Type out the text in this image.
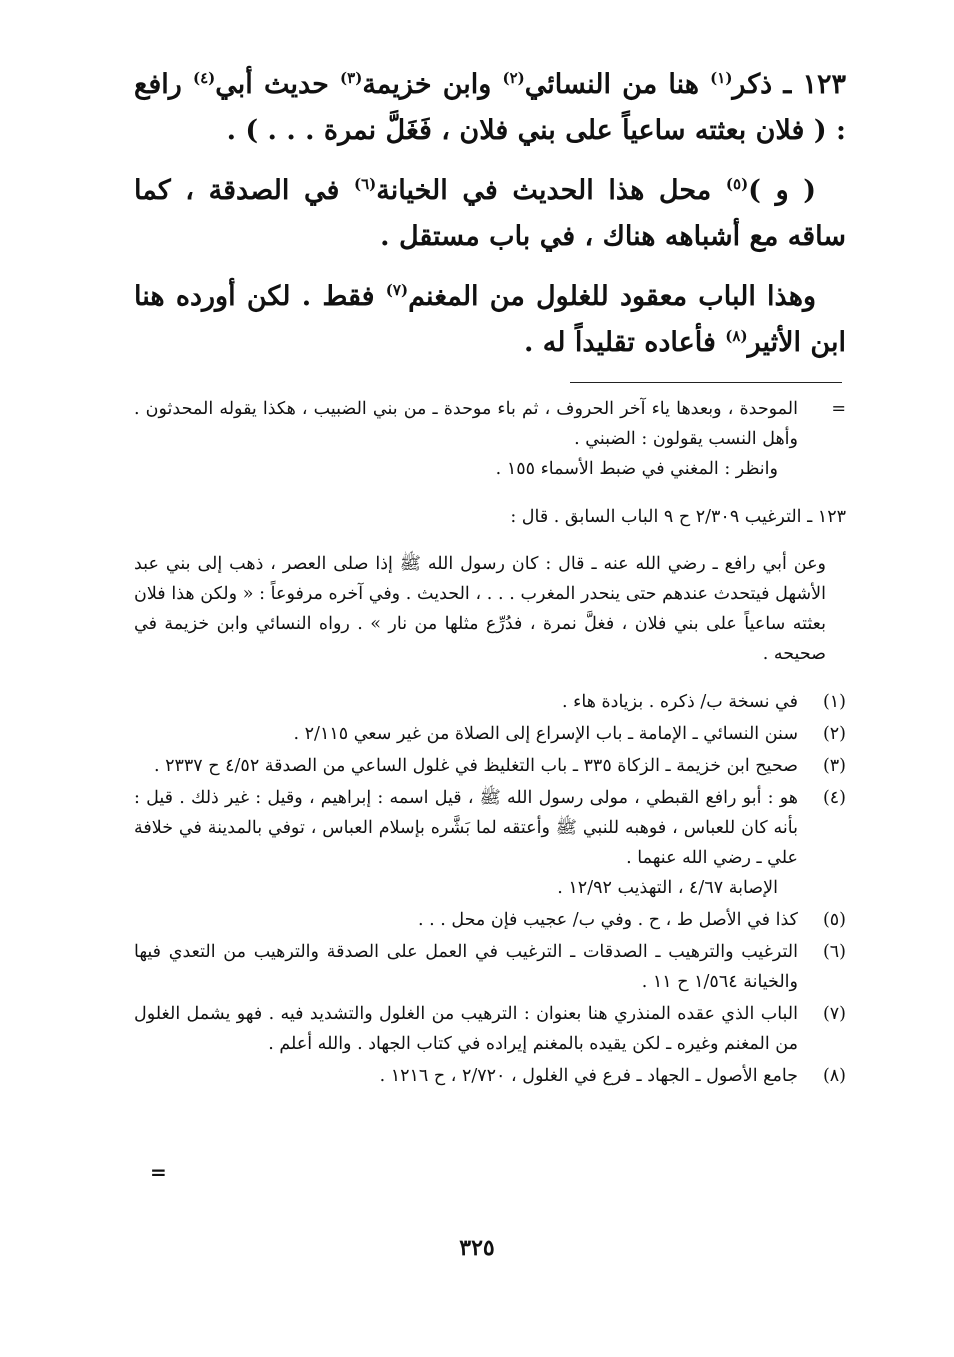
١٢٣ ـ ذكر$^{(١)}$ هنا من النسائي$^{(٢)}$ وابن خزيمة$^{(٣)}$ حديث أبي$^{(٤)}$ رافع : ( فلان بعثته ساعياً على بني فلان ، فَغَلَّ نمرة . . . ) .

( و )$^{(٥)}$ محل هذا الحديث في الخيانة$^{(٦)}$ في الصدقة ، كما ساقه مع أشباهه هناك ، في باب مستقل .

وهذا الباب معقود للغلول من المغنم$^{(٧)}$ فقط . لكن أورده هنا ابن الأثير$^{(٨)}$ فأعاده تقليداً له .

=

الموحدة ، وبعدها ياء آخر الحروف ، ثم باء موحدة ـ من بني الضبيب ، هكذا يقوله المحدثون . وأهل النسب يقولون : الضبني .

وانظر : المغني في ضبط الأسماء ١٥٥ .

١٢٣ ـ الترغيب ٢/٣٠٩ ح ٩ الباب السابق . قال :

وعن أبي رافع ـ رضي الله عنه ـ قال : كان رسول الله ﷺ إذا صلى العصر ، ذهب إلى بني عبد الأشهل فيتحدث عندهم حتى ينحدر المغرب . . . ، الحديث . وفي آخره مرفوعاً : « ولكن هذا فلان بعثته ساعياً على بني فلان ، فغلَّ نمرة ، فدُرِّع مثلها من نار » . رواه النسائي وابن خزيمة في صحيحه .

(١)

في نسخة ب/ ذكره . بزيادة هاء .

(٢)

سنن النسائي ـ الإمامة ـ باب الإسراع إلى الصلاة من غير سعي ٢/١١٥ .

(٣)

صحيح ابن خزيمة ـ الزكاة ٣٣٥ ـ باب التغليظ في غلول الساعي من الصدقة ٤/٥٢ ح ٢٣٣٧ .

(٤)

هو : أبو رافع القبطي ، مولى رسول الله ﷺ ، قيل اسمه : إبراهيم ، وقيل : غير ذلك . قيل : بأنه كان للعباس ، فوهبه للنبي ﷺ وأعتقه لما بَشَّره بإسلام العباس ، توفي بالمدينة في خلافة علي ـ رضي الله عنهما .

الإصابة ٤/٦٧ ، التهذيب ١٢/٩٢ .

(٥)

كذا في الأصل ط ، ح . وفي ب/ عجيب فإن محل . . .

(٦)

الترغيب والترهيب ـ الصدقات ـ الترغيب في العمل على الصدقة والترهيب من التعدي فيها والخيانة ١/٥٦٤ ح ١١ .

(٧)

الباب الذي عقده المنذري هنا بعنوان : الترهيب من الغلول والتشديد فيه . فهو يشمل الغلول من المغنم وغيره ـ لكن يقيده بالمغنم إيراده في كتاب الجهاد . والله أعلم .

(٨)

جامع الأصول ـ الجهاد ـ فرع في الغلول ، ٢/٧٢٠ ، ح ١٢١٦ .

=
٣٢٥
